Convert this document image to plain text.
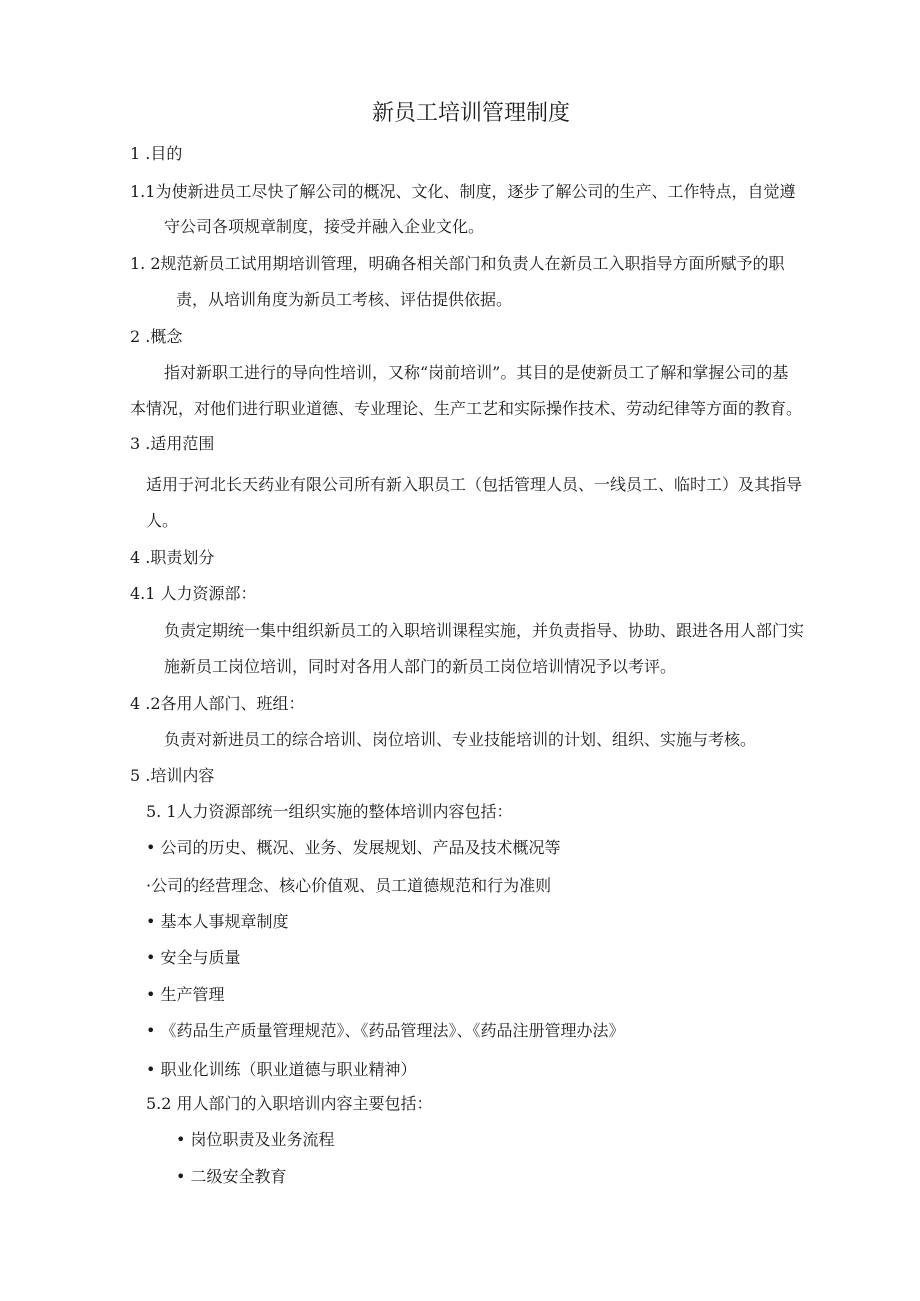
新员工培训管理制度
1 .目的
1.1为使新进员工尽快了解公司的概况、文化、制度，逐步了解公司的生产、工作特点，自觉遵
守公司各项规章制度，接受并融入企业文化。
1. 2规范新员工试用期培训管理，明确各相关部门和负责人在新员工入职指导方面所赋予的职
责，从培训角度为新员工考核、评估提供依据。
2 .概念
指对新职工进行的导向性培训，又称“岗前培训”。其目的是使新员工了解和掌握公司的基
本情况，对他们进行职业道德、专业理论、生产工艺和实际操作技术、劳动纪律等方面的教育。
3 .适用范围
适用于河北长天药业有限公司所有新入职员工（包括管理人员、一线员工、临时工）及其指导
人。
4 .职责划分
4.1 人力资源部：
负责定期统一集中组织新员工的入职培训课程实施，并负责指导、协助、跟进各用人部门实
施新员工岗位培训，同时对各用人部门的新员工岗位培训情况予以考评。
4 .2各用人部门、班组：
负责对新进员工的综合培训、岗位培训、专业技能培训的计划、组织、实施与考核。
5 .培训内容
5. 1人力资源部统一组织实施的整体培训内容包括：
• 公司的历史、概况、业务、发展规划、产品及技术概况等
·公司的经营理念、核心价值观、员工道德规范和行为准则
• 基本人事规章制度
• 安全与质量
• 生产管理
• 《药品生产质量管理规范》、《药品管理法》、《药品注册管理办法》
• 职业化训练（职业道德与职业精神）
5.2 用人部门的入职培训内容主要包括：
• 岗位职责及业务流程
• 二级安全教育
